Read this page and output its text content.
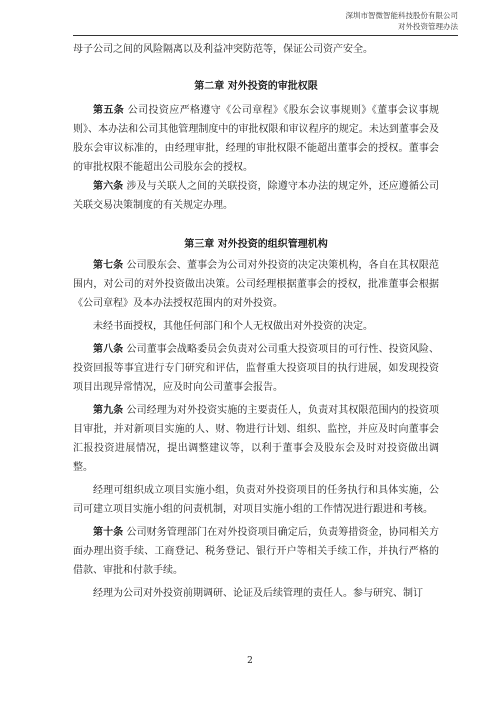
深圳市智微智能科技股份有限公司
对外投资管理办法

母子公司之间的风险隔离以及利益冲突防范等，保证公司资产安全。

第二章 对外投资的审批权限

第五条 公司投资应严格遵守《公司章程》《股东会议事规则》《董事会议事规则》、本办法和公司其他管理制度中的审批权限和审议程序的规定。未达到董事会及股东会审议标准的，由经理审批，经理的审批权限不能超出董事会的授权。董事会的审批权限不能超出公司股东会的授权。

第六条 涉及与关联人之间的关联投资，除遵守本办法的规定外，还应遵循公司关联交易决策制度的有关规定办理。

第三章 对外投资的组织管理机构

第七条 公司股东会、董事会为公司对外投资的决定决策机构，各自在其权限范围内，对公司的对外投资做出决策。公司经理根据董事会的授权，批准董事会根据《公司章程》及本办法授权范围内的对外投资。

未经书面授权，其他任何部门和个人无权做出对外投资的决定。

第八条 公司董事会战略委员会负责对公司重大投资项目的可行性、投资风险、投资回报等事宜进行专门研究和评估，监督重大投资项目的执行进展，如发现投资项目出现异常情况，应及时向公司董事会报告。

第九条 公司经理为对外投资实施的主要责任人，负责对其权限范围内的投资项目审批，并对新项目实施的人、财、物进行计划、组织、监控，并应及时向董事会汇报投资进展情况，提出调整建议等，以利于董事会及股东会及时对投资做出调整。

经理可组织成立项目实施小组，负责对外投资项目的任务执行和具体实施，公司可建立项目实施小组的问责机制，对项目实施小组的工作情况进行跟进和考核。

第十条 公司财务管理部门在对外投资项目确定后，负责筹措资金，协同相关方面办理出资手续、工商登记、税务登记、银行开户等相关手续工作，并执行严格的借款、审批和付款手续。

经理为公司对外投资前期调研、论证及后续管理的责任人。参与研究、制订

2
